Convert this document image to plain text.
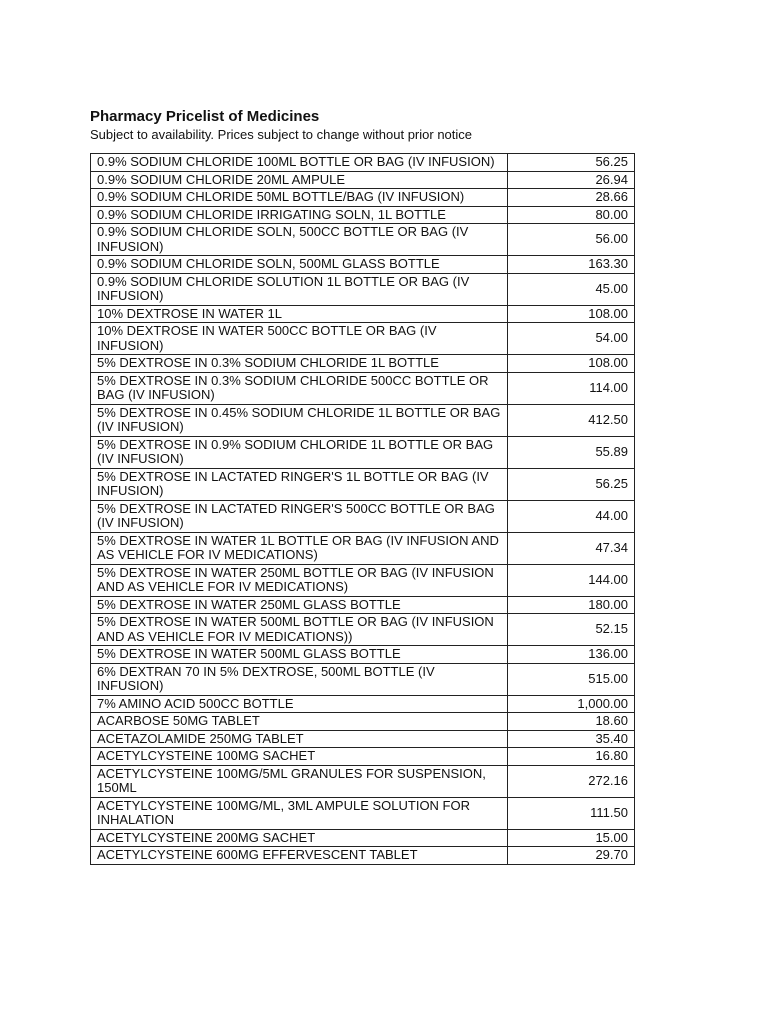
Pharmacy Pricelist of Medicines

Subject to availability. Prices subject to change without prior notice

0.9% SODIUM CHLORIDE 100ML BOTTLE OR BAG (IV INFUSION)	56.25
0.9% SODIUM CHLORIDE 20ML AMPULE	26.94
0.9% SODIUM CHLORIDE 50ML BOTTLE/BAG (IV INFUSION)	28.66
0.9% SODIUM CHLORIDE IRRIGATING SOLN, 1L BOTTLE	80.00
0.9% SODIUM CHLORIDE SOLN, 500CC BOTTLE OR BAG (IV INFUSION)	56.00
0.9% SODIUM CHLORIDE SOLN, 500ML GLASS BOTTLE	163.30
0.9% SODIUM CHLORIDE SOLUTION 1L BOTTLE OR BAG (IV INFUSION)	45.00
10% DEXTROSE IN WATER 1L	108.00
10% DEXTROSE IN WATER 500CC BOTTLE OR BAG (IV INFUSION)	54.00
5% DEXTROSE IN 0.3% SODIUM CHLORIDE 1L BOTTLE	108.00
5% DEXTROSE IN 0.3% SODIUM CHLORIDE 500CC BOTTLE OR BAG (IV INFUSION)	114.00
5% DEXTROSE IN 0.45% SODIUM CHLORIDE 1L BOTTLE OR BAG (IV INFUSION)	412.50
5% DEXTROSE IN 0.9% SODIUM CHLORIDE 1L BOTTLE OR BAG (IV INFUSION)	55.89
5% DEXTROSE IN LACTATED RINGER'S 1L BOTTLE OR BAG (IV INFUSION)	56.25
5% DEXTROSE IN LACTATED RINGER'S 500CC BOTTLE OR BAG (IV INFUSION)	44.00
5% DEXTROSE IN WATER 1L BOTTLE OR BAG (IV INFUSION AND AS VEHICLE FOR IV MEDICATIONS)	47.34
5% DEXTROSE IN WATER 250ML BOTTLE OR BAG (IV INFUSION AND AS VEHICLE FOR IV MEDICATIONS)	144.00
5% DEXTROSE IN WATER 250ML GLASS BOTTLE	180.00
5% DEXTROSE IN WATER 500ML BOTTLE OR BAG (IV INFUSION AND AS VEHICLE FOR IV MEDICATIONS))	52.15
5% DEXTROSE IN WATER 500ML GLASS BOTTLE	136.00
6% DEXTRAN 70 IN 5% DEXTROSE, 500ML BOTTLE (IV INFUSION)	515.00
7% AMINO ACID 500CC BOTTLE	1,000.00
ACARBOSE 50MG TABLET	18.60
ACETAZOLAMIDE 250MG TABLET	35.40
ACETYLCYSTEINE 100MG SACHET	16.80
ACETYLCYSTEINE 100MG/5ML GRANULES FOR SUSPENSION, 150ML	272.16
ACETYLCYSTEINE 100MG/ML, 3ML AMPULE SOLUTION FOR INHALATION	111.50
ACETYLCYSTEINE 200MG SACHET	15.00
ACETYLCYSTEINE 600MG EFFERVESCENT TABLET	29.70
